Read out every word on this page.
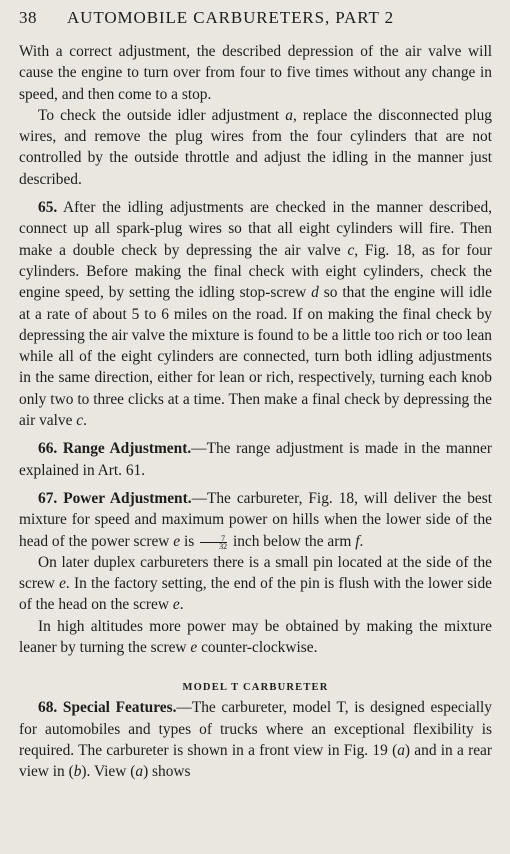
38	AUTOMOBILE CARBURETERS, PART 2

With a correct adjustment, the described depression of the air valve will cause the engine to turn over from four to five times without any change in speed, and then come to a stop.

To check the outside idler adjustment a, replace the disconnected plug wires, and remove the plug wires from the four cylinders that are not controlled by the outside throttle and adjust the idling in the manner just described.

65. After the idling adjustments are checked in the manner described, connect up all spark-plug wires so that all eight cylinders will fire. Then make a double check by depressing the air valve c, Fig. 18, as for four cylinders. Before making the final check with eight cylinders, check the engine speed, by setting the idling stop-screw d so that the engine will idle at a rate of about 5 to 6 miles on the road. If on making the final check by depressing the air valve the mixture is found to be a little too rich or too lean while all of the eight cylinders are connected, turn both idling adjustments in the same direction, either for lean or rich, respectively, turning each knob only two to three clicks at a time. Then make a final check by depressing the air valve c.

66. Range Adjustment.—The range adjustment is made in the manner explained in Art. 61.

67. Power Adjustment.—The carbureter, Fig. 18, will deliver the best mixture for speed and maximum power on hills when the lower side of the head of the power screw e is $\frac{7}{32}$ inch below the arm f.

On later duplex carbureters there is a small pin located at the side of the screw e. In the factory setting, the end of the pin is flush with the lower side of the head on the screw e.

In high altitudes more power may be obtained by making the mixture leaner by turning the screw e counter-clockwise.

MODEL T CARBURETER

68. Special Features.—The carbureter, model T, is designed especially for automobiles and types of trucks where an exceptional flexibility is required. The carbureter is shown in a front view in Fig. 19 (a) and in a rear view in (b). View (a) shows
